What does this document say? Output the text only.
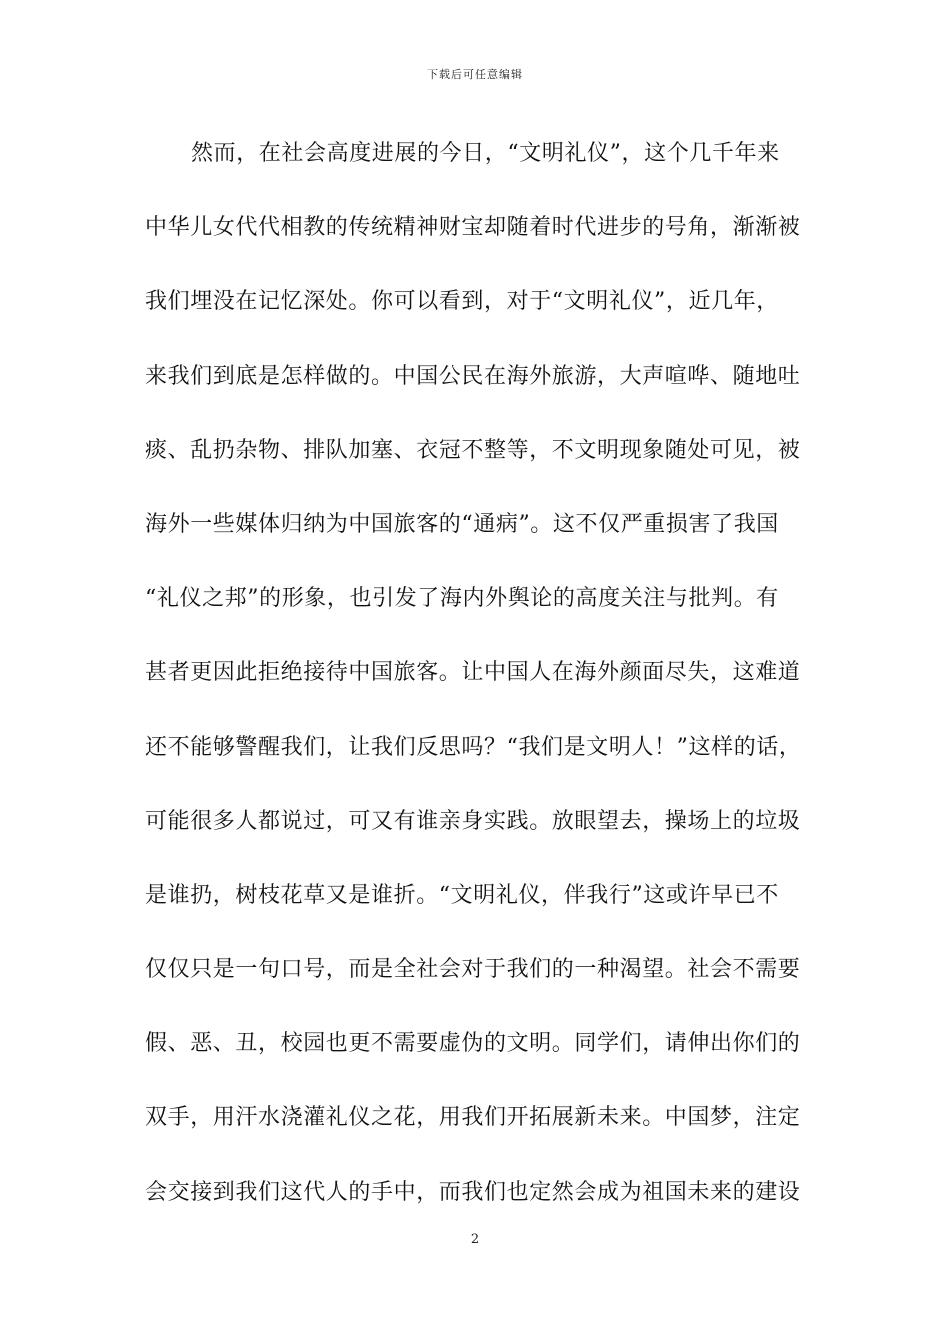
下载后可任意编辑
然而，在社会高度进展的今日，“文明礼仪”，这个几千年来
中华儿女代代相教的传统精神财宝却随着时代进步的号角，渐渐被
我们埋没在记忆深处。你可以看到，对于“文明礼仪”，近几年，
来我们到底是怎样做的。中国公民在海外旅游，大声喧哗、随地吐
痰、乱扔杂物、排队加塞、衣冠不整等，不文明现象随处可见，被
海外一些媒体归纳为中国旅客的“通病”。这不仅严重损害了我国
“礼仪之邦”的形象，也引发了海内外舆论的高度关注与批判。有
甚者更因此拒绝接待中国旅客。让中国人在海外颜面尽失，这难道
还不能够警醒我们，让我们反思吗？“我们是文明人！”这样的话，
可能很多人都说过，可又有谁亲身实践。放眼望去，操场上的垃圾
是谁扔，树枝花草又是谁折。“文明礼仪，伴我行”这或许早已不
仅仅只是一句口号，而是全社会对于我们的一种渴望。社会不需要
假、恶、丑，校园也更不需要虚伪的文明。同学们，请伸出你们的
双手，用汗水浇灌礼仪之花，用我们开拓展新未来。中国梦，注定
会交接到我们这代人的手中，而我们也定然会成为祖国未来的建设
2
